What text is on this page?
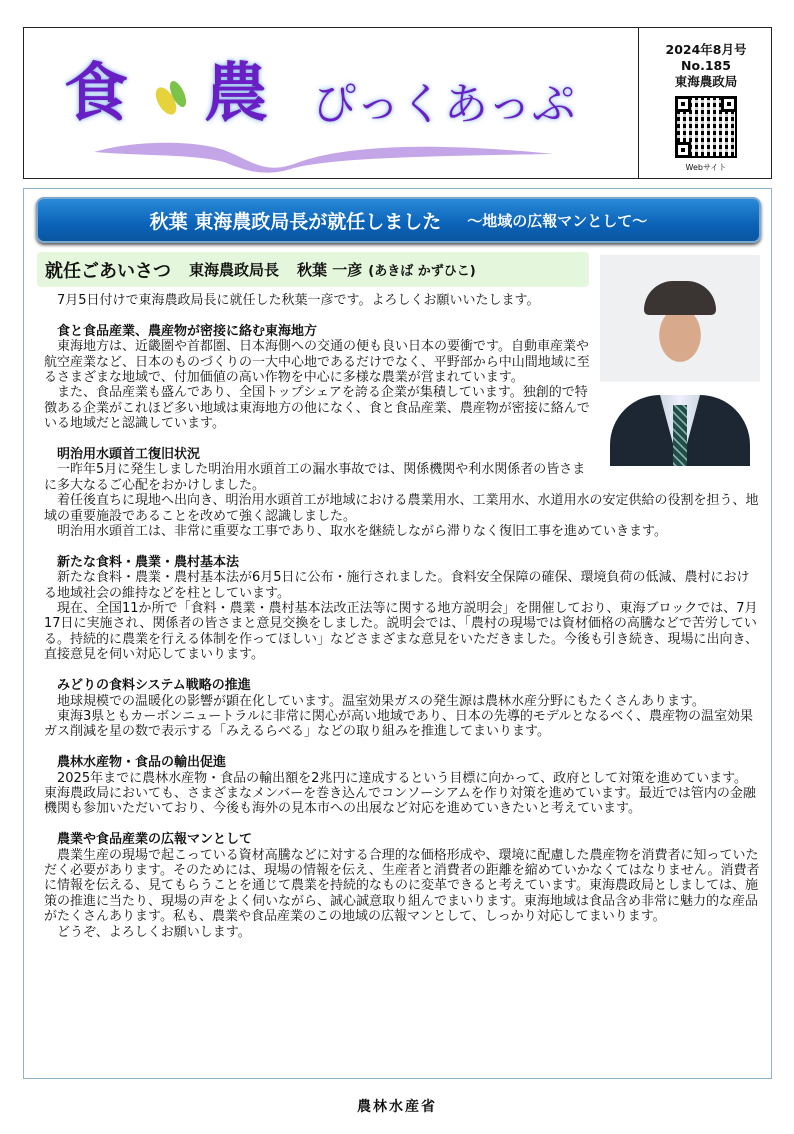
食 農 ぴっくあっぷ
2024年8月号
No.185
東海農政局
Webサイト
秋葉 東海農政局長が就任しました ～地域の広報マンとして～
就任ごあいさつ 東海農政局長 秋葉 一彦 (あきば かずひこ)

7月5日付けで東海農政局長に就任した秋葉一彦です。よろしくお願いいたします。

食と食品産業、農産物が密接に絡む東海地方

東海地方は、近畿圏や首都圏、日本海側への交通の便も良い日本の要衝です。自動車産業や航空産業など、日本のものづくりの一大中心地であるだけでなく、平野部から中山間地域に至るさまざまな地域で、付加価値の高い作物を中心に多様な農業が営まれています。

また、食品産業も盛んであり、全国トップシェアを誇る企業が集積しています。独創的で特徴ある企業がこれほど多い地域は東海地方の他になく、食と食品産業、農産物が密接に絡んでいる地域だと認識しています。

明治用水頭首工復旧状況

一昨年5月に発生しました明治用水頭首工の漏水事故では、関係機関や利水関係者の皆さまに多大なるご心配をおかけしました。

着任後直ちに現地へ出向き、明治用水頭首工が地域における農業用水、工業用水、水道用水の安定供給の役割を担う、地域の重要施設であることを改めて強く認識しました。

明治用水頭首工は、非常に重要な工事であり、取水を継続しながら滞りなく復旧工事を進めていきます。

新たな食料・農業・農村基本法

新たな食料・農業・農村基本法が6月5日に公布・施行されました。食料安全保障の確保、環境負荷の低減、農村における地域社会の維持などを柱としています。

現在、全国11か所で「食料・農業・農村基本法改正法等に関する地方説明会」を開催しており、東海ブロックでは、7月17日に実施され、関係者の皆さまと意見交換をしました。説明会では、「農村の現場では資材価格の高騰などで苦労している。持続的に農業を行える体制を作ってほしい」などさまざまな意見をいただきました。今後も引き続き、現場に出向き、直接意見を伺い対応してまいります。

みどりの食料システム戦略の推進

地球規模での温暖化の影響が顕在化しています。温室効果ガスの発生源は農林水産分野にもたくさんあります。

東海3県ともカーボンニュートラルに非常に関心が高い地域であり、日本の先導的モデルとなるべく、農産物の温室効果ガス削減を星の数で表示する「みえるらべる」などの取り組みを推進してまいります。

農林水産物・食品の輸出促進

2025年までに農林水産物・食品の輸出額を2兆円に達成するという目標に向かって、政府として対策を進めています。東海農政局においても、さまざまなメンバーを巻き込んでコンソーシアムを作り対策を進めています。最近では管内の金融機関も参加いただいており、今後も海外の見本市への出展など対応を進めていきたいと考えています。

農業や食品産業の広報マンとして

農業生産の現場で起こっている資材高騰などに対する合理的な価格形成や、環境に配慮した農産物を消費者に知っていただく必要があります。そのためには、現場の情報を伝え、生産者と消費者の距離を縮めていかなくてはなりません。消費者に情報を伝える、見てもらうことを通じて農業を持続的なものに変革できると考えています。東海農政局としましては、施策の推進に当たり、現場の声をよく伺いながら、誠心誠意取り組んでまいります。東海地域は食品含め非常に魅力的な産品がたくさんあります。私も、農業や食品産業のこの地域の広報マンとして、しっかり対応してまいります。

どうぞ、よろしくお願いします。

農林水産省
